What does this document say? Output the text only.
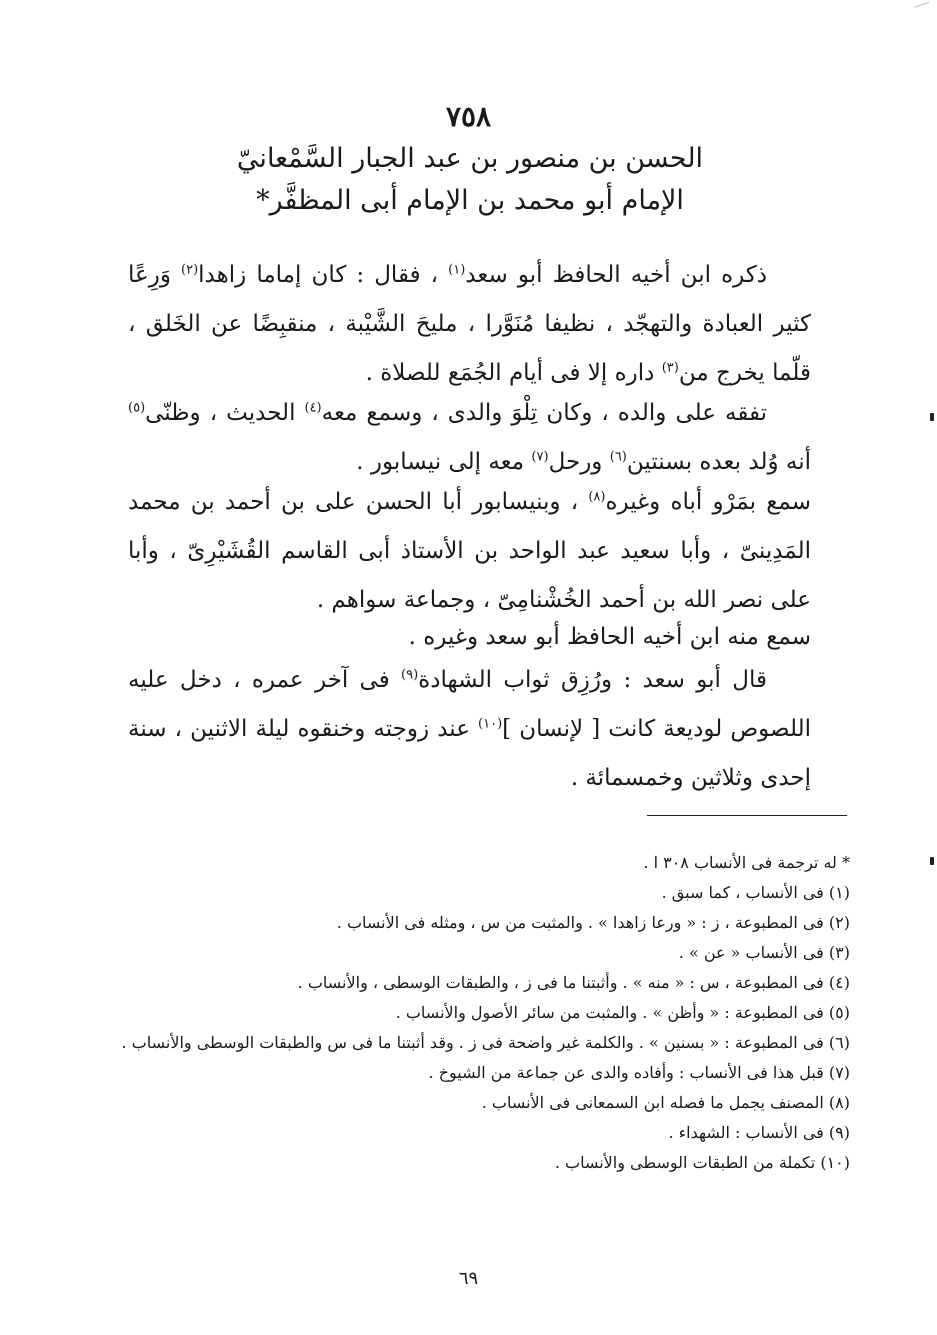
٧٥٨
الحسن بن منصور بن عبد الجبار السَّمْعانيّ
الإمام أبو محمد بن الإمام أبى المظفَّر*

ذكره ابن أخيه الحافظ أبو سعد$^{(١)}$ ، فقال : كان إماما زاهدا$^{(٢)}$ وَرِعًا كثير العبادة والتهجّد ، نظيفا مُنَوَّرا ، مليحَ الشَّيْبة ، منقبِضًا عن الخَلق ، قلّما يخرج من$^{(٣)}$ داره إلا فى أيام الجُمَع للصلاة .

تفقه على والده ، وكان تِلْوَ والدى ، وسمع معه$^{(٤)}$ الحديث ، وظنّى$^{(٥)}$ أنه وُلد بعده بسنتين$^{(٦)}$ ورحل$^{(٧)}$ معه إلى نيسابور .

سمع بمَرْو أباه وغيره$^{(٨)}$ ، وبنيسابور أبا الحسن على بن أحمد بن محمد المَدِينىّ ، وأبا سعيد عبد الواحد بن الأستاذ أبى القاسم القُشَيْرِىّ ، وأبا على نصر الله بن أحمد الخُشْنامِىّ ، وجماعة سواهم .

سمع منه ابن أخيه الحافظ أبو سعد وغيره .

قال أبو سعد : ورُزِق ثواب الشهادة$^{(٩)}$ فى آخر عمره ، دخل عليه اللصوص لوديعة كانت [ لإنسان ]$^{(١٠)}$ عند زوجته وخنقوه ليلة الاثنين ، سنة إحدى وثلاثين وخمسمائة .

* له ترجمة فى الأنساب ٣٠٨ ا .
(١) فى الأنساب ، كما سبق .
(٢) فى المطبوعة ، ز : « ورعا زاهدا » . والمثبت من س ، ومثله فى الأنساب .
(٣) فى الأنساب « عن » .
(٤) فى المطبوعة ، س : « منه » . وأثبتنا ما فى ز ، والطبقات الوسطى ، والأنساب .
(٥) فى المطبوعة : « وأظن » . والمثبت من سائر الأصول والأنساب .
(٦) فى المطبوعة : « بسنين » . والكلمة غير واضحة فى ز . وقد أثبتنا ما فى س والطبقات الوسطى والأنساب .
(٧) قبل هذا فى الأنساب : وأفاده والدى عن جماعة من الشيوخ .
(٨) المصنف يجمل ما فصله ابن السمعانى فى الأنساب .
(٩) فى الأنساب : الشهداء .
(١٠) تكملة من الطبقات الوسطى والأنساب .
٦٩
